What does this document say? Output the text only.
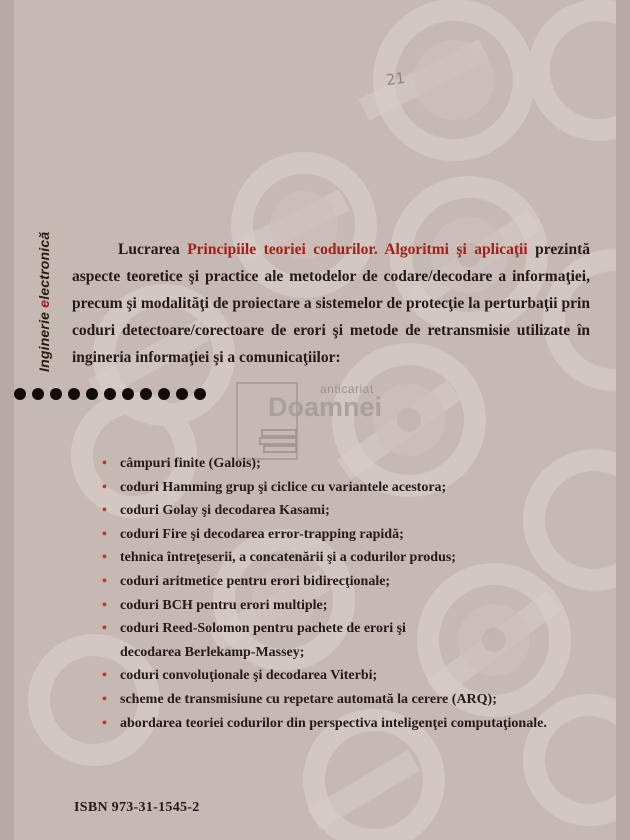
21
Inginerie electronică	Lucrarea Principiile teoriei codurilor. Algoritmi şi aplicaţii prezintă aspecte teoretice şi practice ale metodelor de codare/decodare a informaţiei, precum şi modalităţi de proiectare a sistemelor de protecţie la perturbaţii prin coduri detectoare/corectoare de erori şi metode de retransmisie utilizate în ingineria informaţiei şi a comunicaţiilor:
anticariat
Doamnei
• câmpuri finite (Galois);
• coduri Hamming grup şi ciclice cu variantele acestora;
• coduri Golay şi decodarea Kasami;
• coduri Fire şi decodarea error-trapping rapidă;
• tehnica întreţeserii, a concatenării şi a codurilor produs;
• coduri aritmetice pentru erori bidirecţionale;
• coduri BCH pentru erori multiple;
• coduri Reed-Solomon pentru pachete de erori şi
decodarea Berlekamp-Massey;
• coduri convoluţionale şi decodarea Viterbi;
• scheme de transmisiune cu repetare automată la cerere (ARQ);
• abordarea teoriei codurilor din perspectiva inteligenţei computaţionale.
ISBN 973-31-1545-2
